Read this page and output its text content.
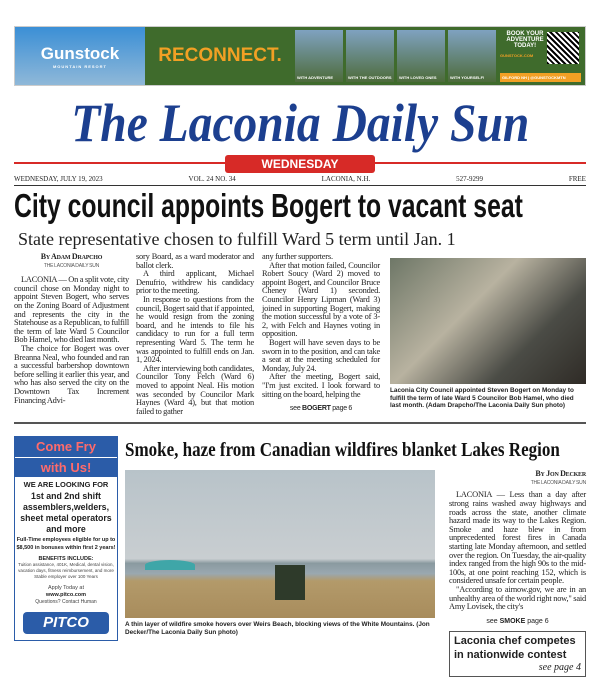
Gunstock
MOUNTAIN RESORT	RECONNECT.
WITH ADVENTURE	WITH THE OUTDOORS WITH LOVED ONES	WITH YOURSELF!
BOOK YOUR ADVENTURE TODAY!
GUNSTOCK.COM
GILFORD NH | @GUNSTOCKMTN
The Laconia Daily Sun
WEDNESDAY
WEDNESDAY, JULY 19, 2023	VOL. 24 NO. 34	LACONIA, N.H.	527-9299	FREE
City council appoints Bogert to vacant seat
State representative chosen to fulfill Ward 5 term until Jan. 1
By Adam Drapcho
THE LACONIA DAILY SUN

LACONIA — On a split vote, city council chose on Monday night to appoint Steven Bogert, who serves on the Zoning Board of Adjustment and represents the city in the Statehouse as a Republican, to fulfill the term of late Ward 5 Councilor Bob Hamel, who died last month.

The choice for Bogert was over Breanna Neal, who founded and ran a successful barbershop downtown before selling it earlier this year, and who has also served the city on the Downtown Tax Increment Financing Advi-

sory Board, as a ward moderator and ballot clerk.

A third applicant, Michael Denufrio, withdrew his candidacy prior to the meeting.

In response to questions from the council, Bogert said that if appointed, he would resign from the zoning board, and he intends to file his candidacy to run for a full term representing Ward 5. The term he was appointed to fulfill ends on Jan. 1, 2024.

After interviewing both candidates, Councilor Tony Felch (Ward 6) moved to appoint Neal. His motion was seconded by Councilor Mark Haynes (Ward 4), but that motion failed to gather

any further supporters.

After that motion failed, Councilor Robert Soucy (Ward 2) moved to appoint Bogert, and Councilor Bruce Cheney (Ward 1) seconded. Councilor Henry Lipman (Ward 3) joined in supporting Bogert, making the motion successful by a vote of 3-2, with Felch and Haynes voting in opposition.

Bogert will have seven days to be sworn in to the position, and can take a seat at the meeting scheduled for Monday, July 24.

After the meeting, Bogert said, "I'm just excited. I look forward to sitting on the board, helping the

see BOGERT page 6
Laconia City Council appointed Steven Bogert on Monday to fulfill the term of late Ward 5 Councilor Bob Hamel, who died last month. (Adam Drapcho/The Laconia Daily Sun photo)
Come Fry
with Us!
WE ARE LOOKING FOR
1st and 2nd shift assemblers,welders, sheet metal operators and more
Full-Time employees eligible for up to $8,500 in bonuses within first 2 years!
BENEFITS INCLUDE:
Tuition assistance, 401K, Medical, dental vision, vacation days, fitness reimbursement, and more
Stable employer over 100 Years
Apply Today at
www.pitco.com
Questions? Contact Human
PITCO
Smoke, haze from Canadian wildfires blanket Lakes Region
A thin layer of wildfire smoke hovers over Weirs Beach, blocking views of the White Mountains. (Jon Decker/The Laconia Daily Sun photo)
By Jon Decker
THE LACONIA DAILY SUN

LACONIA — Less than a day after strong rains washed away highways and roads across the state, another climate hazard made its way to the Lakes Region. Smoke and haze blew in from unprecedented forest fires in Canada starting late Monday afternoon, and settled over the region. On Tuesday, the air-quality index ranged from the high 90s to the mid-100s, at one point reaching 152, which is considered unsafe for certain people.

"According to airnow.gov, we are in an unhealthy area of the world right now," said Amy Lovisek, the city's

see SMOKE page 6
Laconia chef competes in nationwide contest
see page 4
